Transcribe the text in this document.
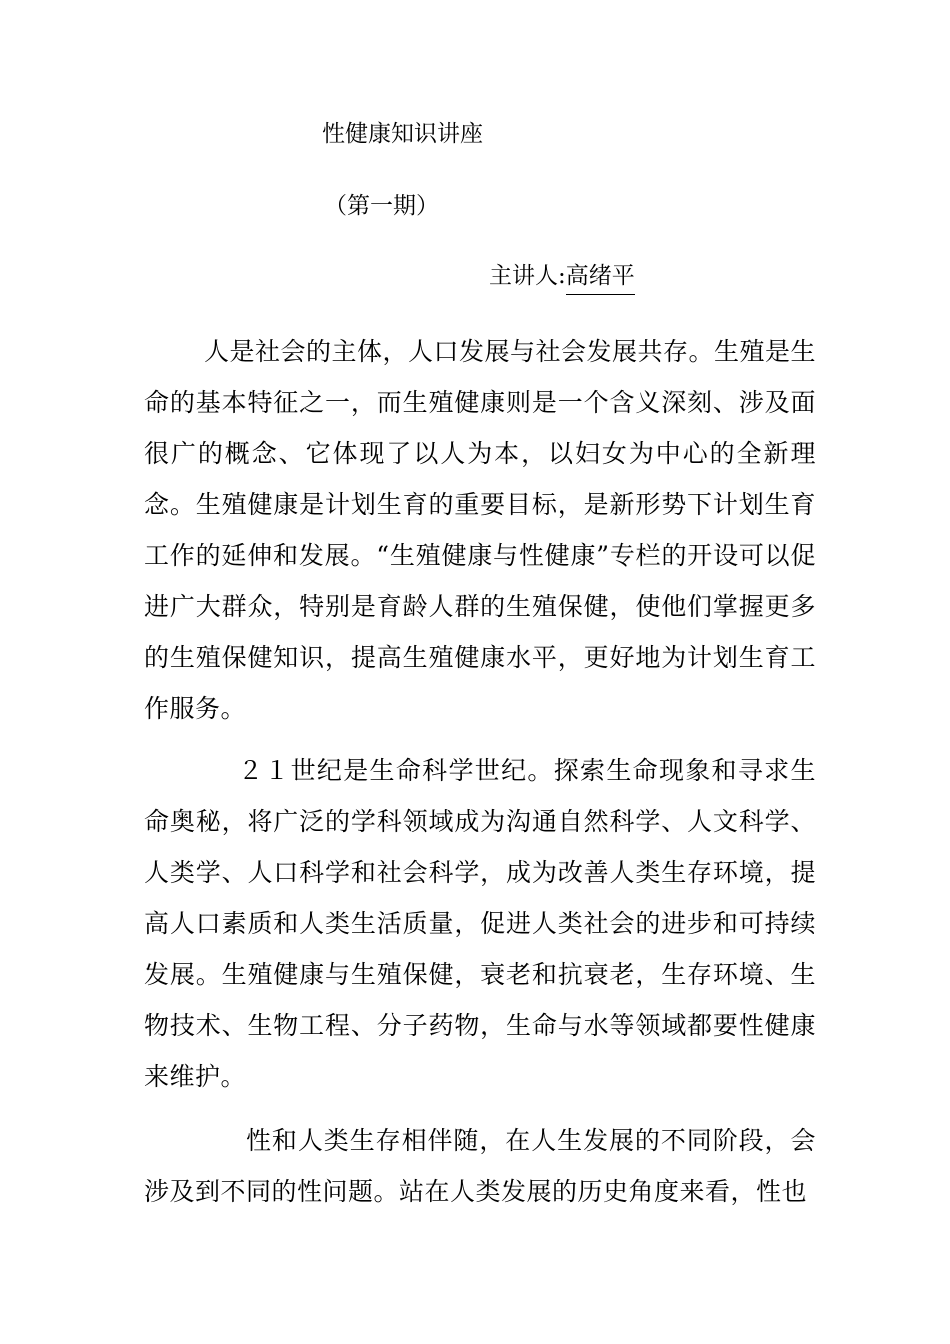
性健康知识讲座
（第一期）
主讲人:高绪平
人是社会的主体，人口发展与社会发展共存。生殖是生命的基本特征之一，而生殖健康则是一个含义深刻、涉及面很广的概念、它体现了以人为本，以妇女为中心的全新理念。生殖健康是计划生育的重要目标，是新形势下计划生育工作的延伸和发展。“生殖健康与性健康”专栏的开设可以促进广大群众，特别是育龄人群的生殖保健，使他们掌握更多的生殖保健知识，提高生殖健康水平，更好地为计划生育工作服务。
２１世纪是生命科学世纪。探索生命现象和寻求生命奥秘，将广泛的学科领域成为沟通自然科学、人文科学、人类学、人口科学和社会科学，成为改善人类生存环境，提高人口素质和人类生活质量，促进人类社会的进步和可持续发展。生殖健康与生殖保健，衰老和抗衰老，生存环境、生物技术、生物工程、分子药物，生命与水等领域都要性健康来维护。
性和人类生存相伴随，在人生发展的不同阶段，会涉及到不同的性问题。站在人类发展的历史角度来看，性也
